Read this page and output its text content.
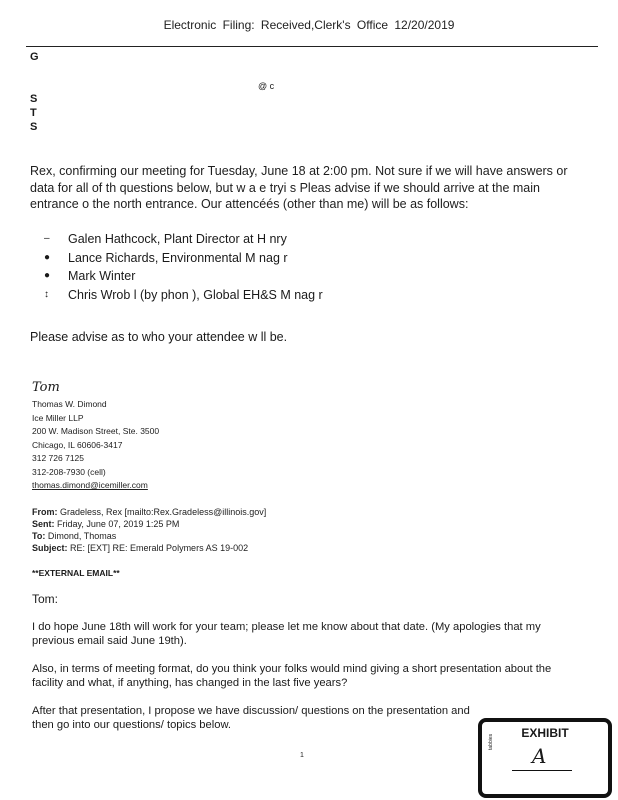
Electronic Filing: Received,Clerk's Office 12/20/2019
G
@ c
S
T
S
Rex, confirming our meeting for Tuesday, June 18 at 2:00 pm. Not sure if we will have answers or data for all of th questions below, but w a e tryi s Pleas advise if we should arrive at the main entrance o the north entrance. Our attencéés (other than me) will be as follows:
–	Galen Hathcock, Plant Director at H nry
●	Lance Richards, Environmental M nag r
●	Mark Winter
↕	Chris Wrob l (by phon ), Global EH&S M nag r
Please advise as to who your attendee w ll be.
Tom
Thomas W. Dimond
Ice Miller LLP
200 W. Madison Street, Ste. 3500
Chicago, IL 60606-3417
312 726 7125
312-208-7930 (cell)
thomas.dimond@icemiller.com
From: Gradeless, Rex [mailto:Rex.Gradeless@illinois.gov]
Sent: Friday, June 07, 2019 1:25 PM
To: Dimond, Thomas
Subject: RE: [EXT] RE: Emerald Polymers AS 19-002
**EXTERNAL EMAIL**
Tom:
I do hope June 18th will work for your team; please let me know about that date. (My apologies that my previous email said June 19th).
Also, in terms of meeting format, do you think your folks would mind giving a short presentation about the facility and what, if anything, has changed in the last five years?
After that presentation, I propose we have discussion/ questions on the presentation and then go into our questions/ topics below.
1
EXHIBIT
tabbies
A
